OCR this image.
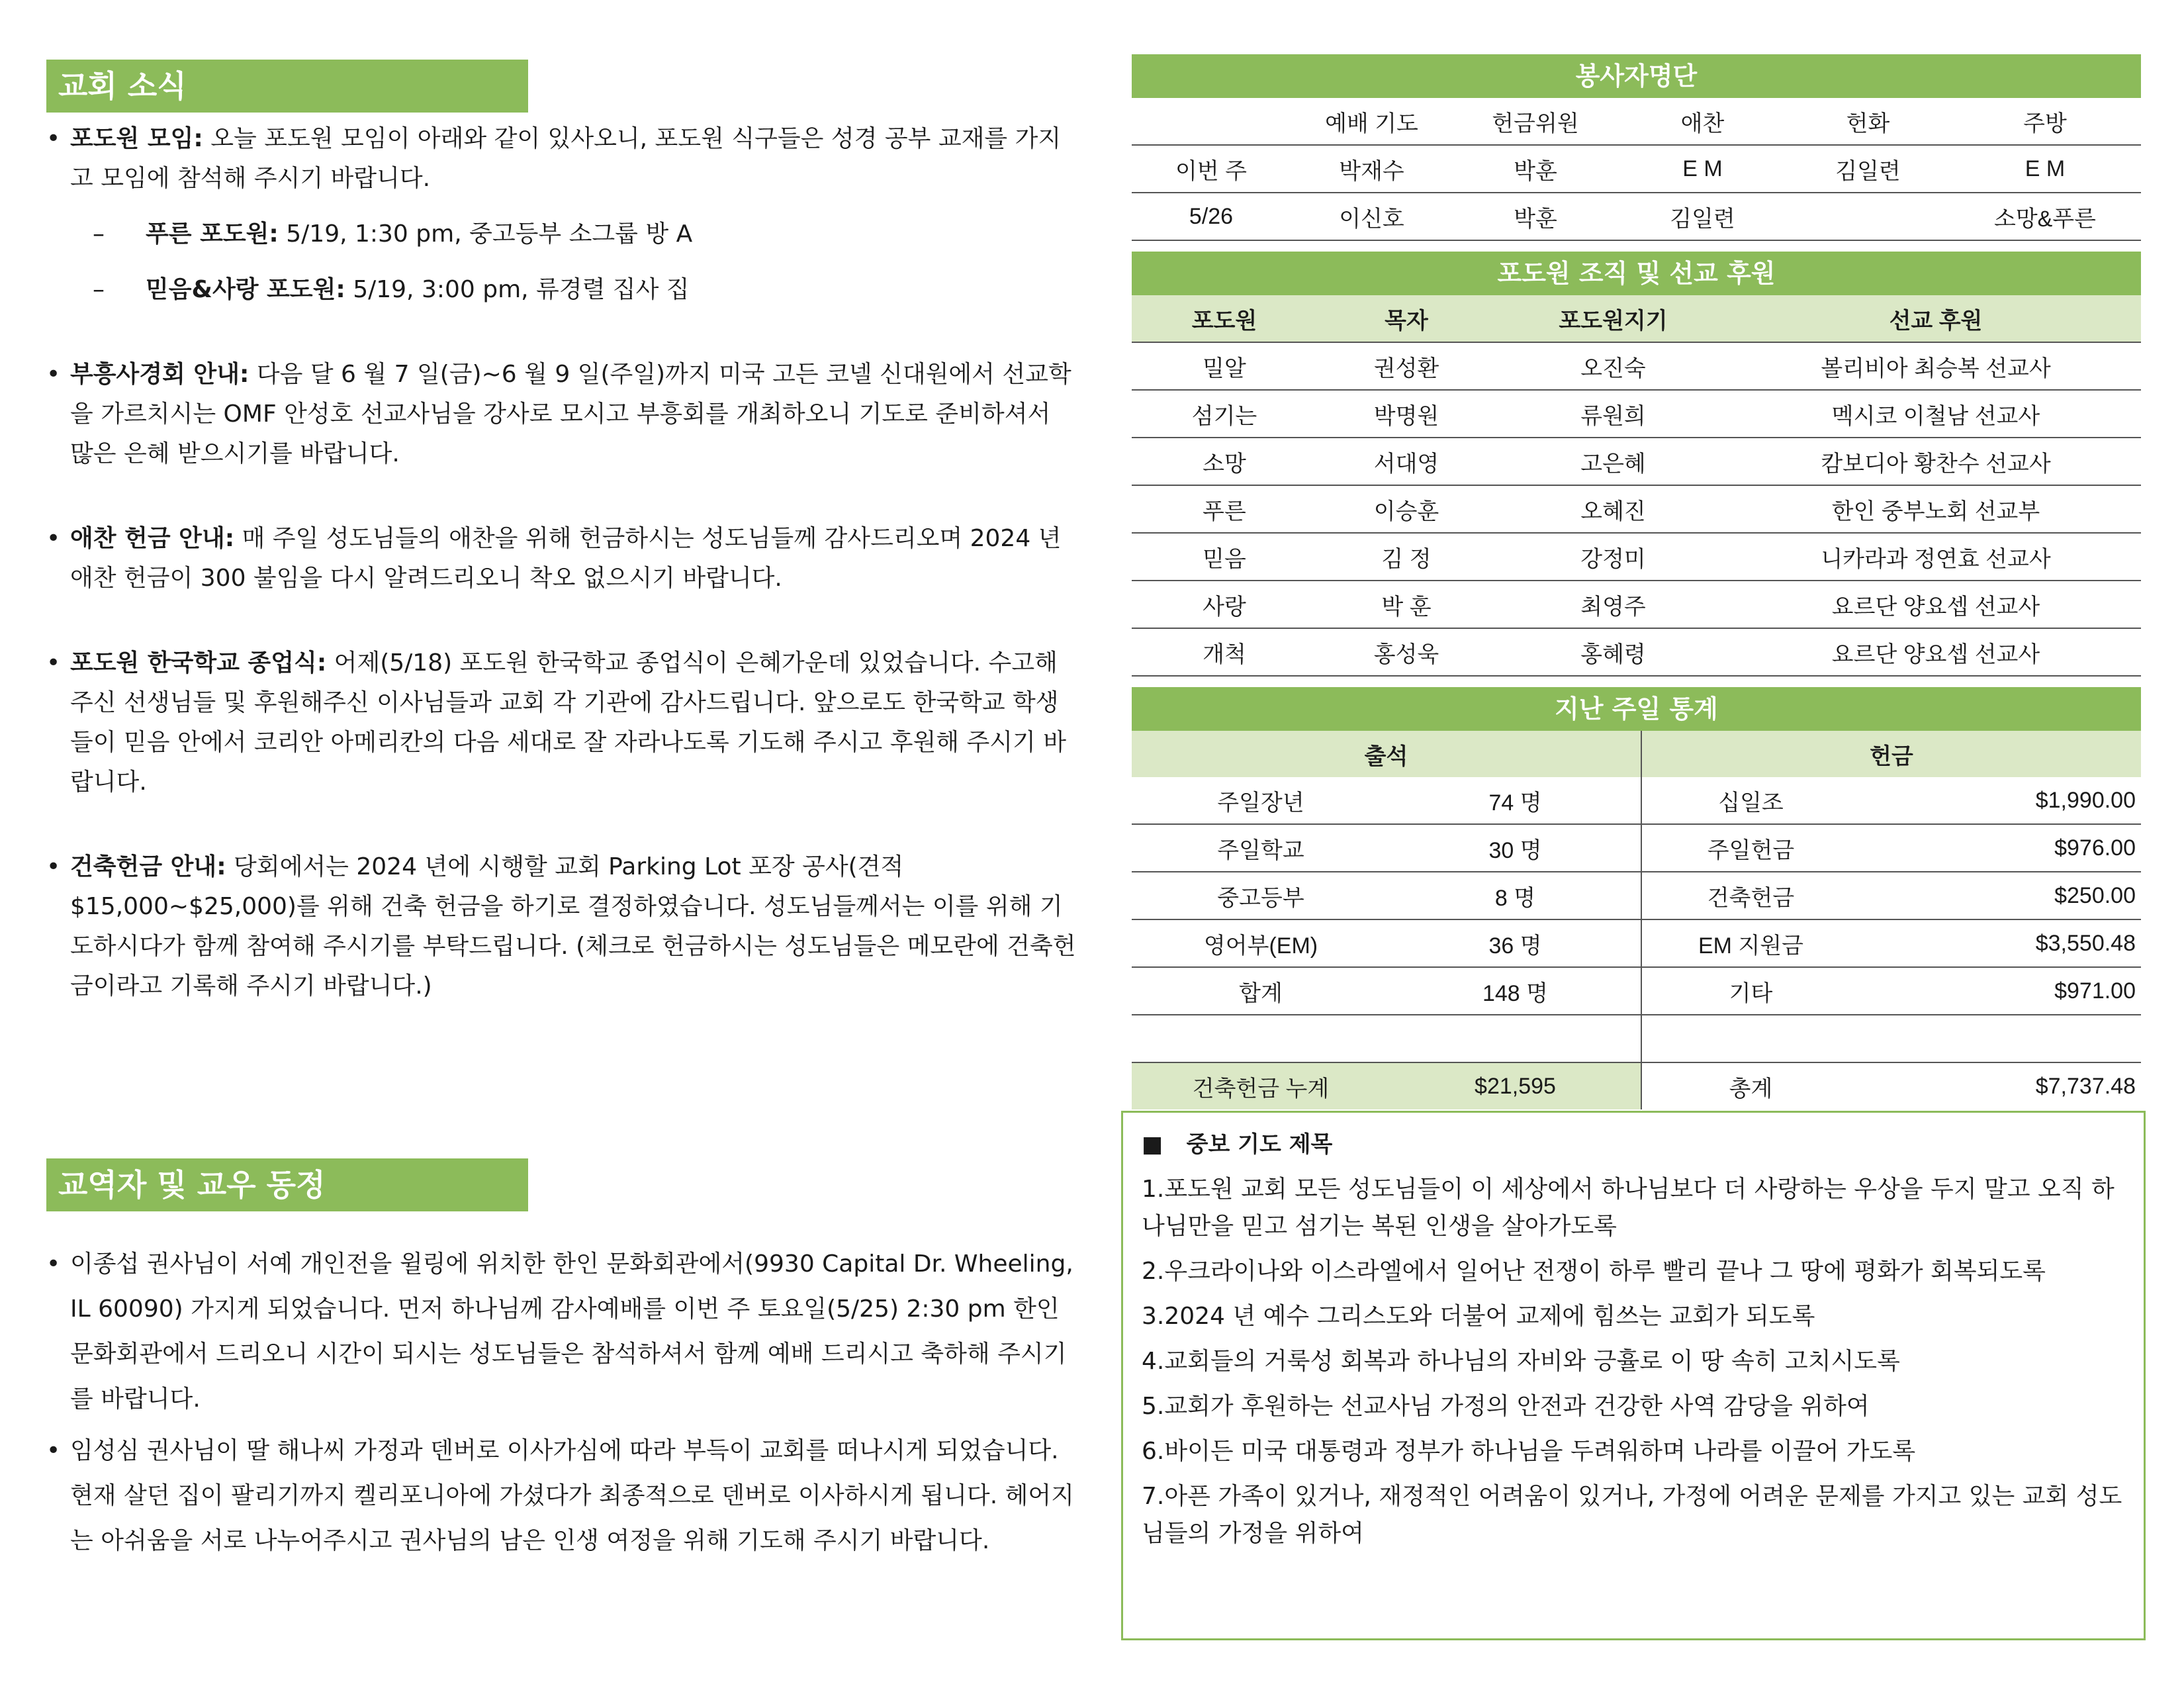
교회 소식
• 포도원 모임: 오늘 포도원 모임이 아래와 같이 있사오니, 포도원 식구들은 성경 공부 교재를 가지고 모임에 참석해 주시기 바랍니다.
– 푸른 포도원: 5/19, 1:30 pm, 중고등부 소그룹 방 A
– 믿음&사랑 포도원: 5/19, 3:00 pm, 류경렬 집사 집
• 부흥사경회 안내: 다음 달 6 월 7 일(금)~6 월 9 일(주일)까지 미국 고든 코넬 신대원에서 선교학을 가르치시는 OMF 안성호 선교사님을 강사로 모시고 부흥회를 개최하오니 기도로 준비하셔서 많은 은혜 받으시기를 바랍니다.
• 애찬 헌금 안내: 매 주일 성도님들의 애찬을 위해 헌금하시는 성도님들께 감사드리오며 2024 년 애찬 헌금이 300 불임을 다시 알려드리오니 착오 없으시기 바랍니다.
• 포도원 한국학교 종업식: 어제(5/18) 포도원 한국학교 종업식이 은혜가운데 있었습니다. 수고해주신 선생님들 및 후원해주신 이사님들과 교회 각 기관에 감사드립니다. 앞으로도 한국학교 학생들이 믿음 안에서 코리안 아메리칸의 다음 세대로 잘 자라나도록 기도해 주시고 후원해 주시기 바랍니다.
• 건축헌금 안내: 당회에서는 2024 년에 시행할 교회 Parking Lot 포장 공사(견적 $15,000~$25,000)를 위해 건축 헌금을 하기로 결정하였습니다. 성도님들께서는 이를 위해 기도하시다가 함께 참여해 주시기를 부탁드립니다. (체크로 헌금하시는 성도님들은 메모란에 건축헌금이라고 기록해 주시기 바랍니다.)
교역자 및 교우 동정
• 이종섭 권사님이 서예 개인전을 윌링에 위치한 한인 문화회관에서(9930 Capital Dr. Wheeling, IL 60090) 가지게 되었습니다. 먼저 하나님께 감사예배를 이번 주 토요일(5/25) 2:30 pm 한인 문화회관에서 드리오니 시간이 되시는 성도님들은 참석하셔서 함께 예배 드리시고 축하해 주시기를 바랍니다.
• 임성심 권사님이 딸 해나씨 가정과 덴버로 이사가심에 따라 부득이 교회를 떠나시게 되었습니다. 현재 살던 집이 팔리기까지 켈리포니아에 가셨다가 최종적으로 덴버로 이사하시게 됩니다. 헤어지는 아쉬움을 서로 나누어주시고 권사님의 남은 인생 여정을 위해 기도해 주시기 바랍니다.
봉사자명단
	예배 기도	헌금위원	애찬	헌화	주방
이번 주	박재수	박훈	E M	김일련	E M
5/26	이신호	박훈	김일련		소망&푸른
포도원 조직 및 선교 후원
포도원	목자	포도원지기	선교 후원
밀알	권성환	오진숙	볼리비아 최승복 선교사
섬기는	박명원	류원희	멕시코 이철남 선교사
소망	서대영	고은혜	캄보디아 황찬수 선교사
푸른	이승훈	오혜진	한인 중부노회 선교부
믿음	김 정	강정미	니카라과 정연효 선교사
사랑	박 훈	최영주	요르단 양요셉 선교사
개척	홍성욱	홍혜령	요르단 양요셉 선교사
지난 주일 통계
출석		헌금	
주일장년	74 명	십일조	$1,990.00
주일학교	30 명	주일헌금	$976.00
중고등부	8 명	건축헌금	$250.00
영어부(EM)	36 명	EM 지원금	$3,550.48
합계	148 명	기타	$971.00

건축헌금 누계	$21,595	총계	$7,737.48
■ 중보 기도 제목
1.포도원 교회 모든 성도님들이 이 세상에서 하나님보다 더 사랑하는 우상을 두지 말고 오직 하나님만을 믿고 섬기는 복된 인생을 살아가도록
2.우크라이나와 이스라엘에서 일어난 전쟁이 하루 빨리 끝나 그 땅에 평화가 회복되도록
3.2024 년 예수 그리스도와 더불어 교제에 힘쓰는 교회가 되도록
4.교회들의 거룩성 회복과 하나님의 자비와 긍휼로 이 땅 속히 고치시도록
5.교회가 후원하는 선교사님 가정의 안전과 건강한 사역 감당을 위하여
6.바이든 미국 대통령과 정부가 하나님을 두려워하며 나라를 이끌어 가도록
7.아픈 가족이 있거나, 재정적인 어려움이 있거나, 가정에 어려운 문제를 가지고 있는 교회 성도님들의 가정을 위하여
